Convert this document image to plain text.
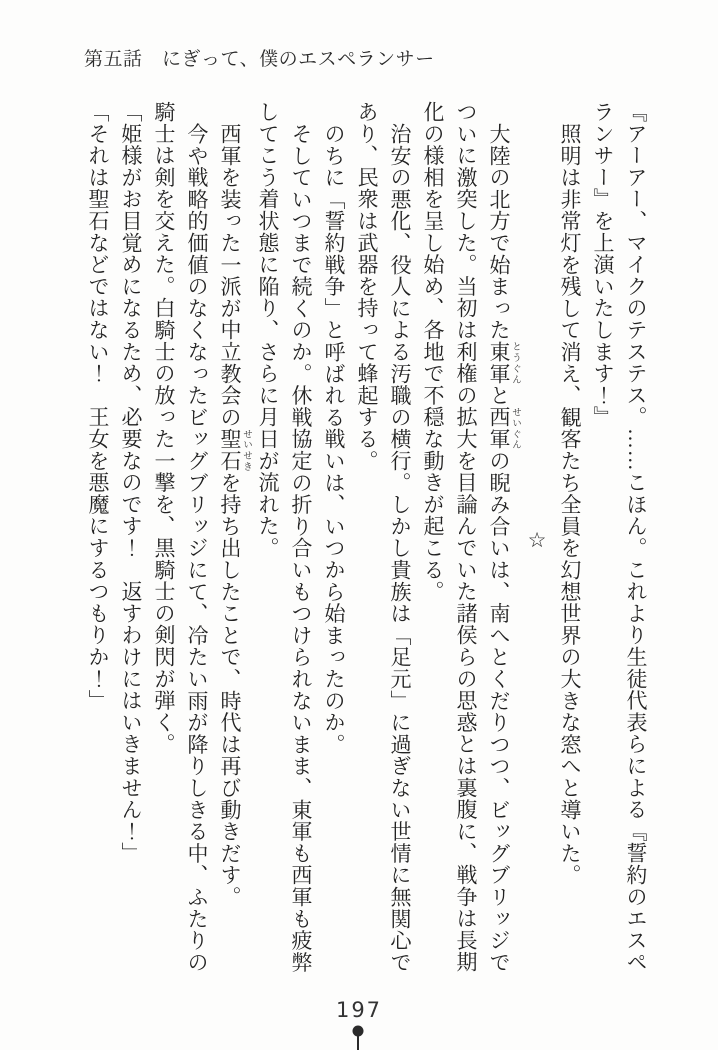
第五話　にぎって、僕のエスペランサー

『アーアー、マイクのテステス。……こほん。これより生徒代表らによる『誓約のエスペランサー』を上演いたします！』

照明は非常灯を残して消え、観客たち全員を幻想世界の大きな窓へと導いた。

☆

大陸の北方で始まった東軍 とうぐんと西軍 せいぐんの睨み合いは、南へとくだりつつ、ビッグブリッジでついに激突した。当初は利権の拡大を目論んでいた諸侯らの思惑とは裏腹に、戦争は長期化の様相を呈し始め、各地で不穏な動きが起こる。

治安の悪化、役人による汚職の横行。しかし貴族は「足元」に過ぎない世情に無関心であり、民衆は武器を持って蜂起する。

のちに「誓約戦争」と呼ばれる戦いは、いつから始まったのか。

そしていつまで続くのか。休戦協定の折り合いもつけられないまま、東軍も西軍も疲弊してこう着状態に陥り、さらに月日が流れた。

西軍を装った一派が中立教会の聖石 せいせきを持ち出したことで、時代は再び動きだす。

今や戦略的価値のなくなったビッグブリッジにて、冷たい雨が降りしきる中、ふたりの騎士は剣を交えた。白騎士の放った一撃を、黒騎士の剣閃が弾く。

「姫様がお目覚めになるため、必要なのです！　返すわけにはいきません！」

「それは聖石などではない！　王女を悪魔にするつもりか！」

197
